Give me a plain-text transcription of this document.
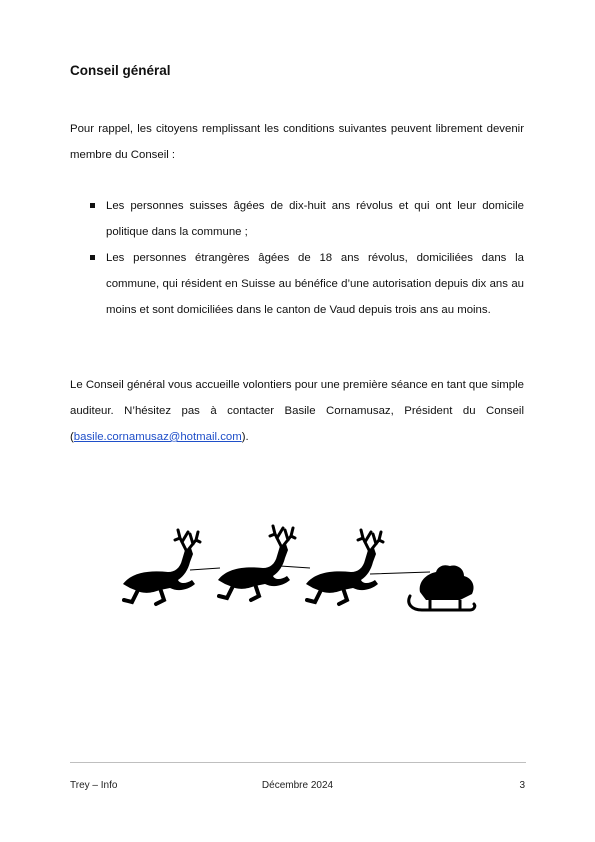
Conseil général

Pour rappel, les citoyens remplissant les conditions suivantes peuvent librement devenir membre du Conseil :

Les personnes suisses âgées de dix-huit ans révolus et qui ont leur domicile politique dans la commune ;
Les personnes étrangères âgées de 18 ans révolus, domiciliées dans la commune, qui résident en Suisse au bénéfice d’une autorisation depuis dix ans au moins et sont domiciliées dans le canton de Vaud depuis trois ans au moins.

Le Conseil général vous accueille volontiers pour une première séance en tant que simple auditeur. N’hésitez pas à contacter Basile Cornamusaz, Président du Conseil (basile.cornamusaz@hotmail.com).

Trey – Info	Décembre 2024	3
